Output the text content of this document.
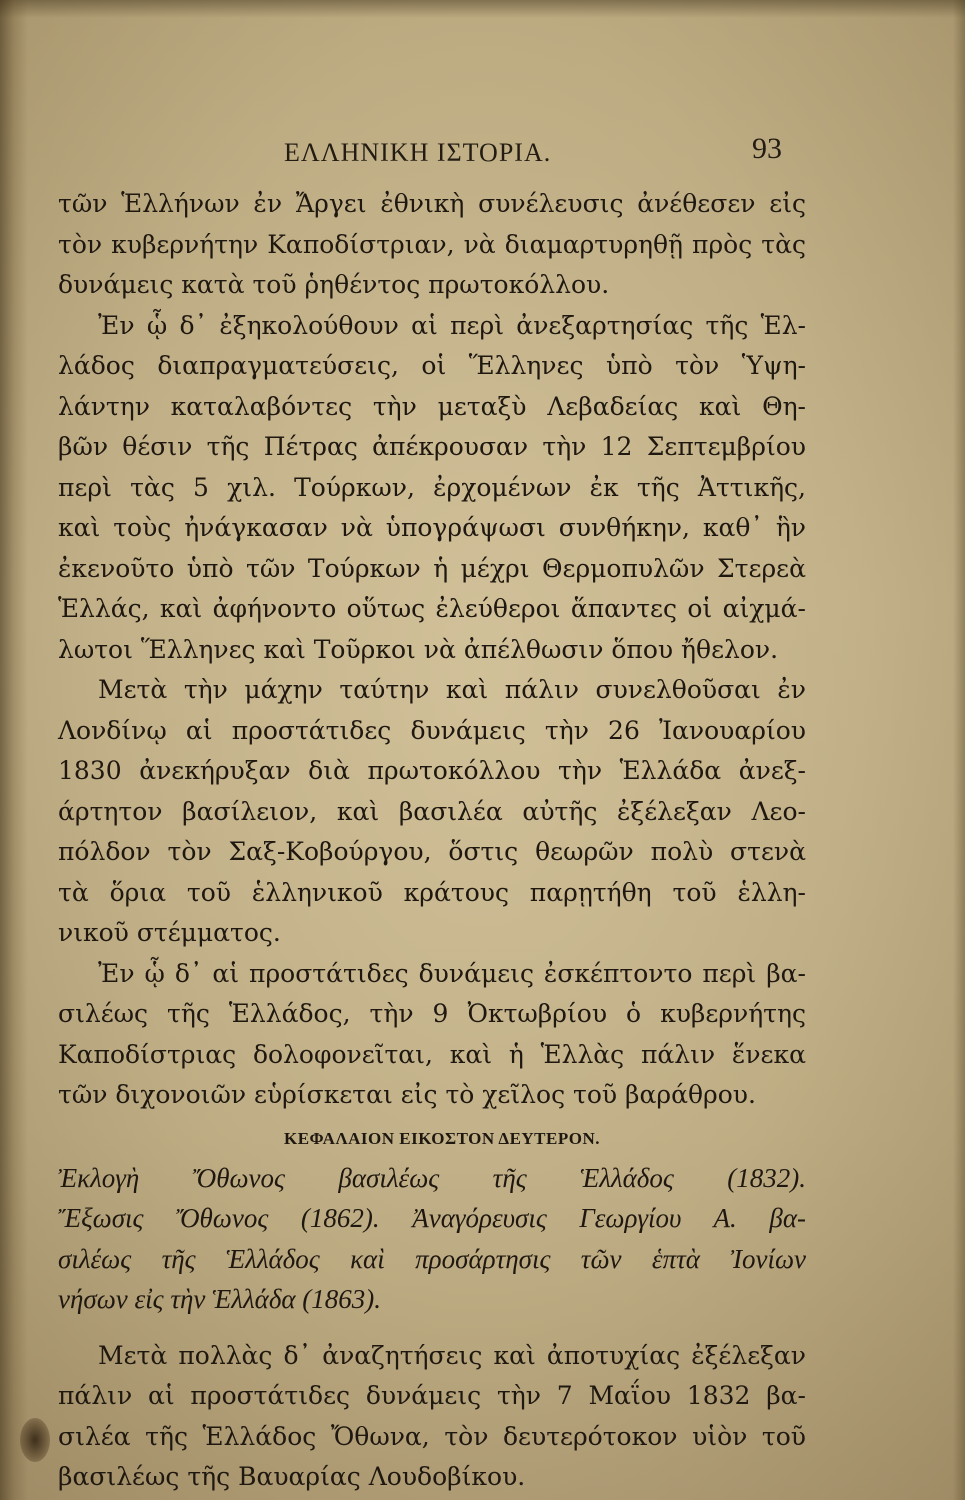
ΕΛΛΗΝΙΚΗ ΙΣΤΟΡΙΑ.	93
τῶν Ἑλλήνων ἐν Ἄργει ἐθνικὴ συνέλευσις ἀνέθεσεν εἰς
τὸν κυβερνήτην Καποδίστριαν, νὰ διαμαρτυρηθῇ πρὸς τὰς
δυνάμεις κατὰ τοῦ ῥηθέντος πρωτοκόλλου.
Ἐν ᾧ δ᾽ ἐξηκολούθουν αἱ περὶ ἀνεξαρτησίας τῆς Ἑλ-
λάδος διαπραγματεύσεις, οἱ Ἕλληνες ὑπὸ τὸν Ὑψη-
λάντην καταλαβόντες τὴν μεταξὺ Λεβαδείας καὶ Θη-
βῶν θέσιν τῆς Πέτρας ἀπέκρουσαν τὴν 12 Σεπτεμβρίου
περὶ τὰς 5 χιλ. Τούρκων, ἐρχομένων ἐκ τῆς Ἀττικῆς,
καὶ τοὺς ἠνάγκασαν νὰ ὑπογράψωσι συνθήκην, καθ᾽ ἣν
ἐκενοῦτο ὑπὸ τῶν Τούρκων ἡ μέχρι Θερμοπυλῶν Στερεὰ
Ἑλλάς, καὶ ἀφήνοντο οὕτως ἐλεύθεροι ἅπαντες οἱ αἰχμά-
λωτοι Ἕλληνες καὶ Τοῦρκοι νὰ ἀπέλθωσιν ὅπου ἤθελον.
Μετὰ τὴν μάχην ταύτην καὶ πάλιν συνελθοῦσαι ἐν
Λονδίνῳ αἱ προστάτιδες δυνάμεις τὴν 26 Ἰανουαρίου
1830 ἀνεκήρυξαν διὰ πρωτοκόλλου τὴν Ἑλλάδα ἀνεξ-
άρτητον βασίλειον, καὶ βασιλέα αὐτῆς ἐξέλεξαν Λεο-
πόλδον τὸν Σαξ-Κοβούργου, ὅστις θεωρῶν πολὺ στενὰ
τὰ ὅρια τοῦ ἑλληνικοῦ κράτους παρῃτήθη τοῦ ἑλλη-
νικοῦ στέμματος.
Ἐν ᾧ δ᾽ αἱ προστάτιδες δυνάμεις ἐσκέπτοντο περὶ βα-
σιλέως τῆς Ἑλλάδος, τὴν 9 Ὀκτωβρίου ὁ κυβερνήτης
Καποδίστριας δολοφονεῖται, καὶ ἡ Ἑλλὰς πάλιν ἕνεκα
τῶν διχονοιῶν εὑρίσκεται εἰς τὸ χεῖλος τοῦ βαράθρου.
ΚΕΦΑΛΑΙΟΝ ΕΙΚΟΣΤΟΝ ΔΕΥΤΕΡΟΝ.
Ἐκλογὴ Ὄθωνος βασιλέως τῆς Ἑλλάδος (1832).
Ἔξωσις Ὄθωνος (1862). Ἀναγόρευσις Γεωργίου Α. βα-
σιλέως τῆς Ἑλλάδος καὶ προσάρτησις τῶν ἑπτὰ Ἰονίων
νήσων εἰς τὴν Ἑλλάδα (1863).
Μετὰ πολλὰς δ᾽ ἀναζητήσεις καὶ ἀποτυχίας ἐξέλεξαν
πάλιν αἱ προστάτιδες δυνάμεις τὴν 7 Μαΐου 1832 βα-
σιλέα τῆς Ἑλλάδος Ὄθωνα, τὸν δευτερότοκον υἱὸν τοῦ
βασιλέως τῆς Βαυαρίας Λουδοβίκου.
